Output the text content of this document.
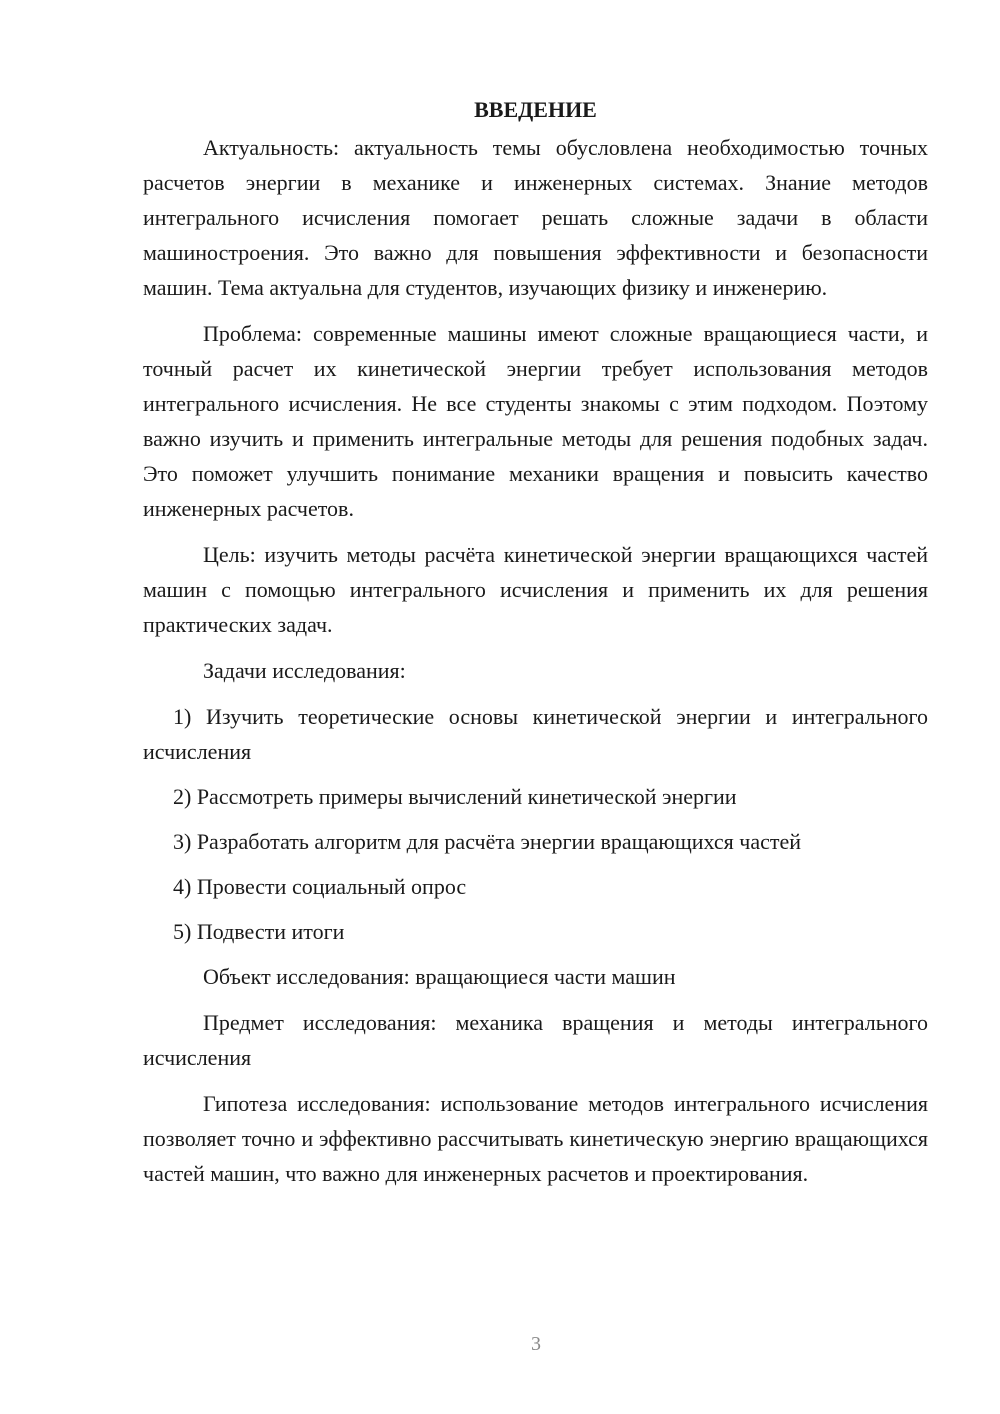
ВВЕДЕНИЕ

Актуальность: актуальность темы обусловлена необходимостью точных расчетов энергии в механике и инженерных системах. Знание методов интегрального исчисления помогает решать сложные задачи в области машиностроения. Это важно для повышения эффективности и безопасности машин. Тема актуальна для студентов, изучающих физику и инженерию.

Проблема: современные машины имеют сложные вращающиеся части, и точный расчет их кинетической энергии требует использования методов интегрального исчисления. Не все студенты знакомы с этим подходом. Поэтому важно изучить и применить интегральные методы для решения подобных задач. Это поможет улучшить понимание механики вращения и повысить качество инженерных расчетов.

Цель: изучить методы расчёта кинетической энергии вращающихся частей машин с помощью интегрального исчисления и применить их для решения практических задач.

Задачи исследования:

1) Изучить теоретические основы кинетической энергии и интегрального исчисления

2) Рассмотреть примеры вычислений кинетической энергии

3) Разработать алгоритм для расчёта энергии вращающихся частей

4) Провести социальный опрос

5) Подвести итоги

Объект исследования: вращающиеся части машин

Предмет исследования: механика вращения и методы интегрального исчисления

Гипотеза исследования: использование методов интегрального исчисления позволяет точно и эффективно рассчитывать кинетическую энергию вращающихся частей машин, что важно для инженерных расчетов и проектирования.

3
